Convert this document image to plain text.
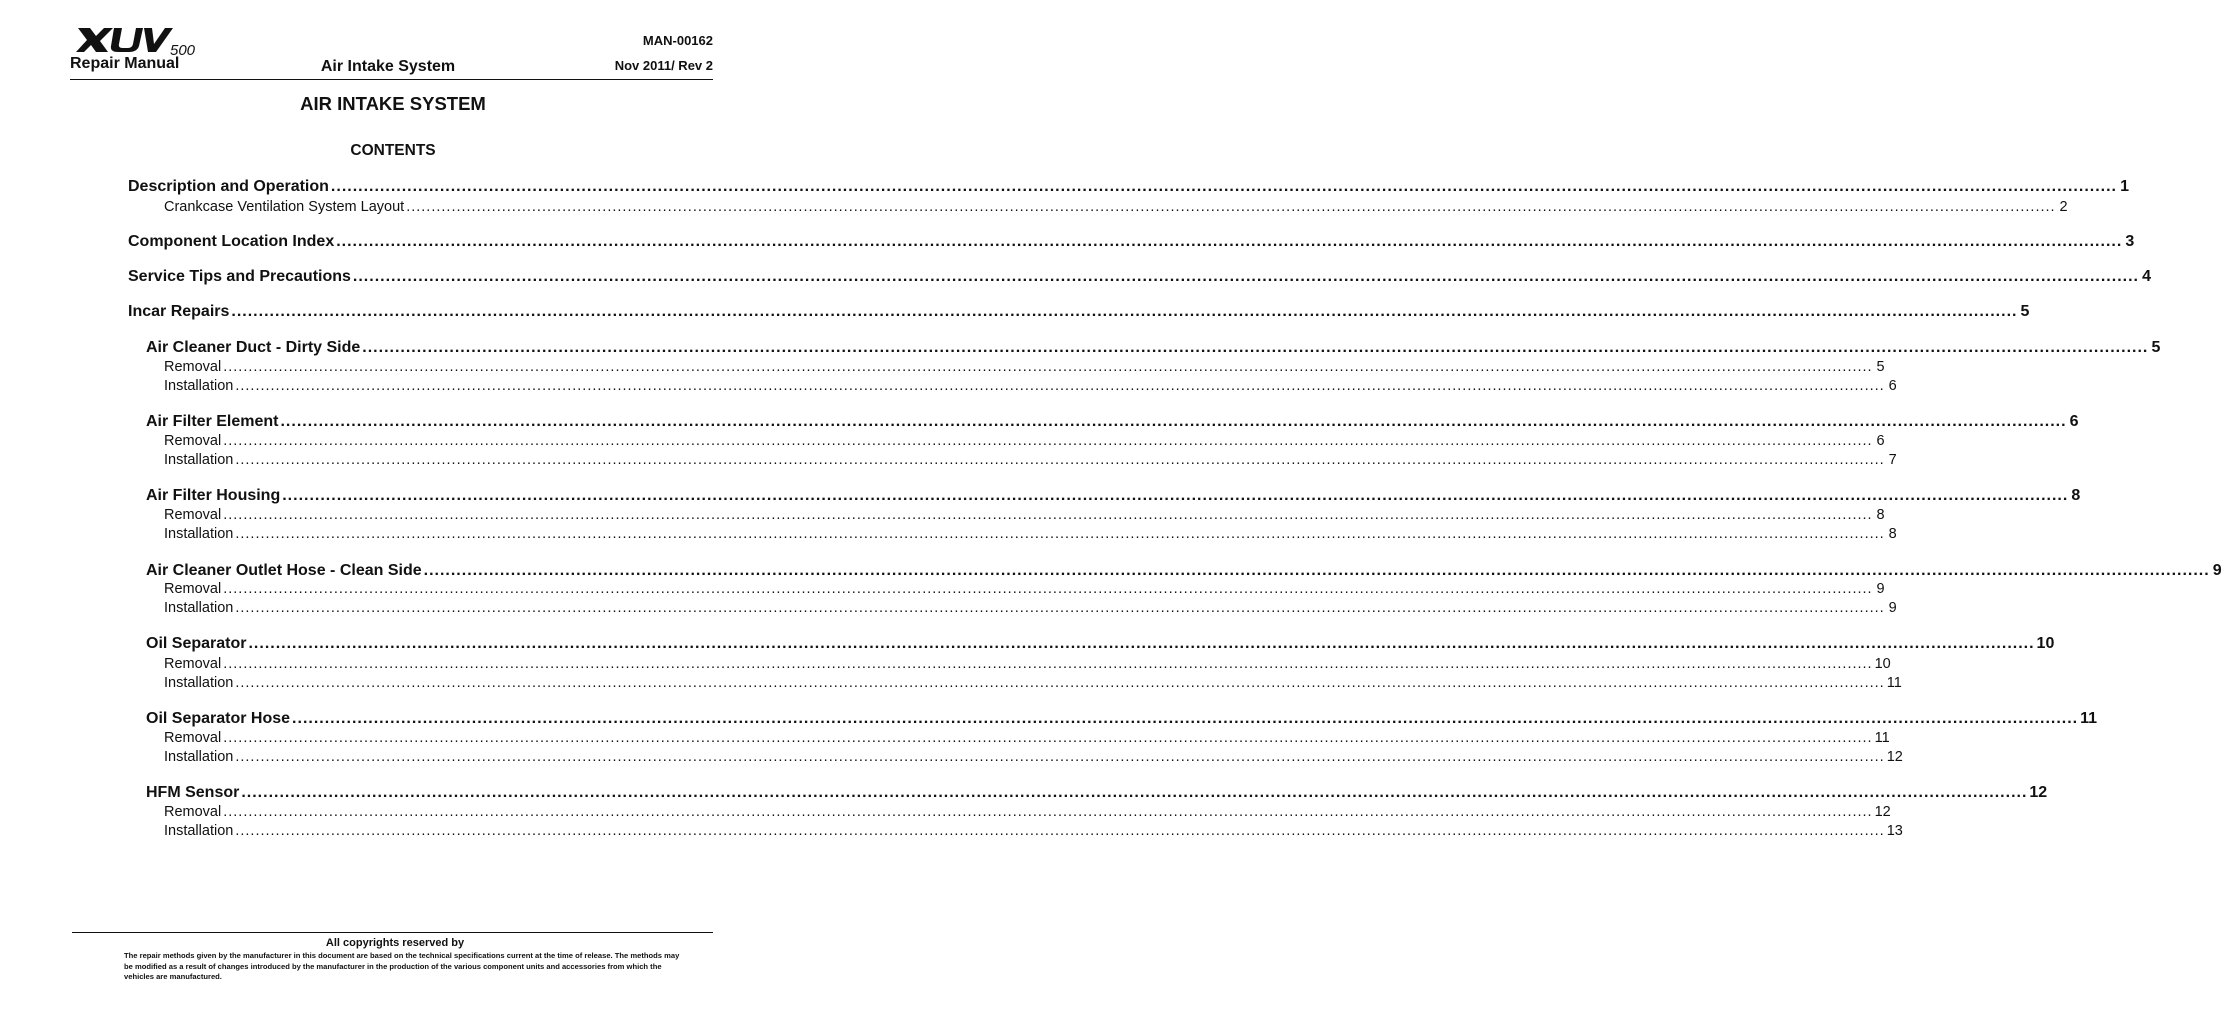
500
Repair Manual	Air Intake System
MAN-00162
Nov 2011/ Rev 2
AIR INTAKE SYSTEM
CONTENTS
Description and Operation .....	1
Crankcase Ventilation System Layout .....	2
Component Location Index .....	3
Service Tips and Precautions .....	4
Incar Repairs .....	5
Air Cleaner Duct - Dirty Side .....	5
Removal .....	5
Installation .....	6
Air Filter Element .....	6
Removal .....	6
Installation .....	7
Air Filter Housing .....	8
Removal .....	8
Installation .....	8
Air Cleaner Outlet Hose - Clean Side .....	9
Removal .....	9
Installation .....	9
Oil Separator .....	10
Removal .....	10
Installation .....	11
Oil Separator Hose .....	11
Removal .....	11
Installation .....	12
HFM Sensor .....	12
Removal .....	12
Installation .....	13
All copyrights reserved by
The repair methods given by the manufacturer in this document are based on the technical specifications current at the time of release. The methods may be modified as a result of changes introduced by the manufacturer in the production of the various component units and accessories from which the vehicles are manufactured.
